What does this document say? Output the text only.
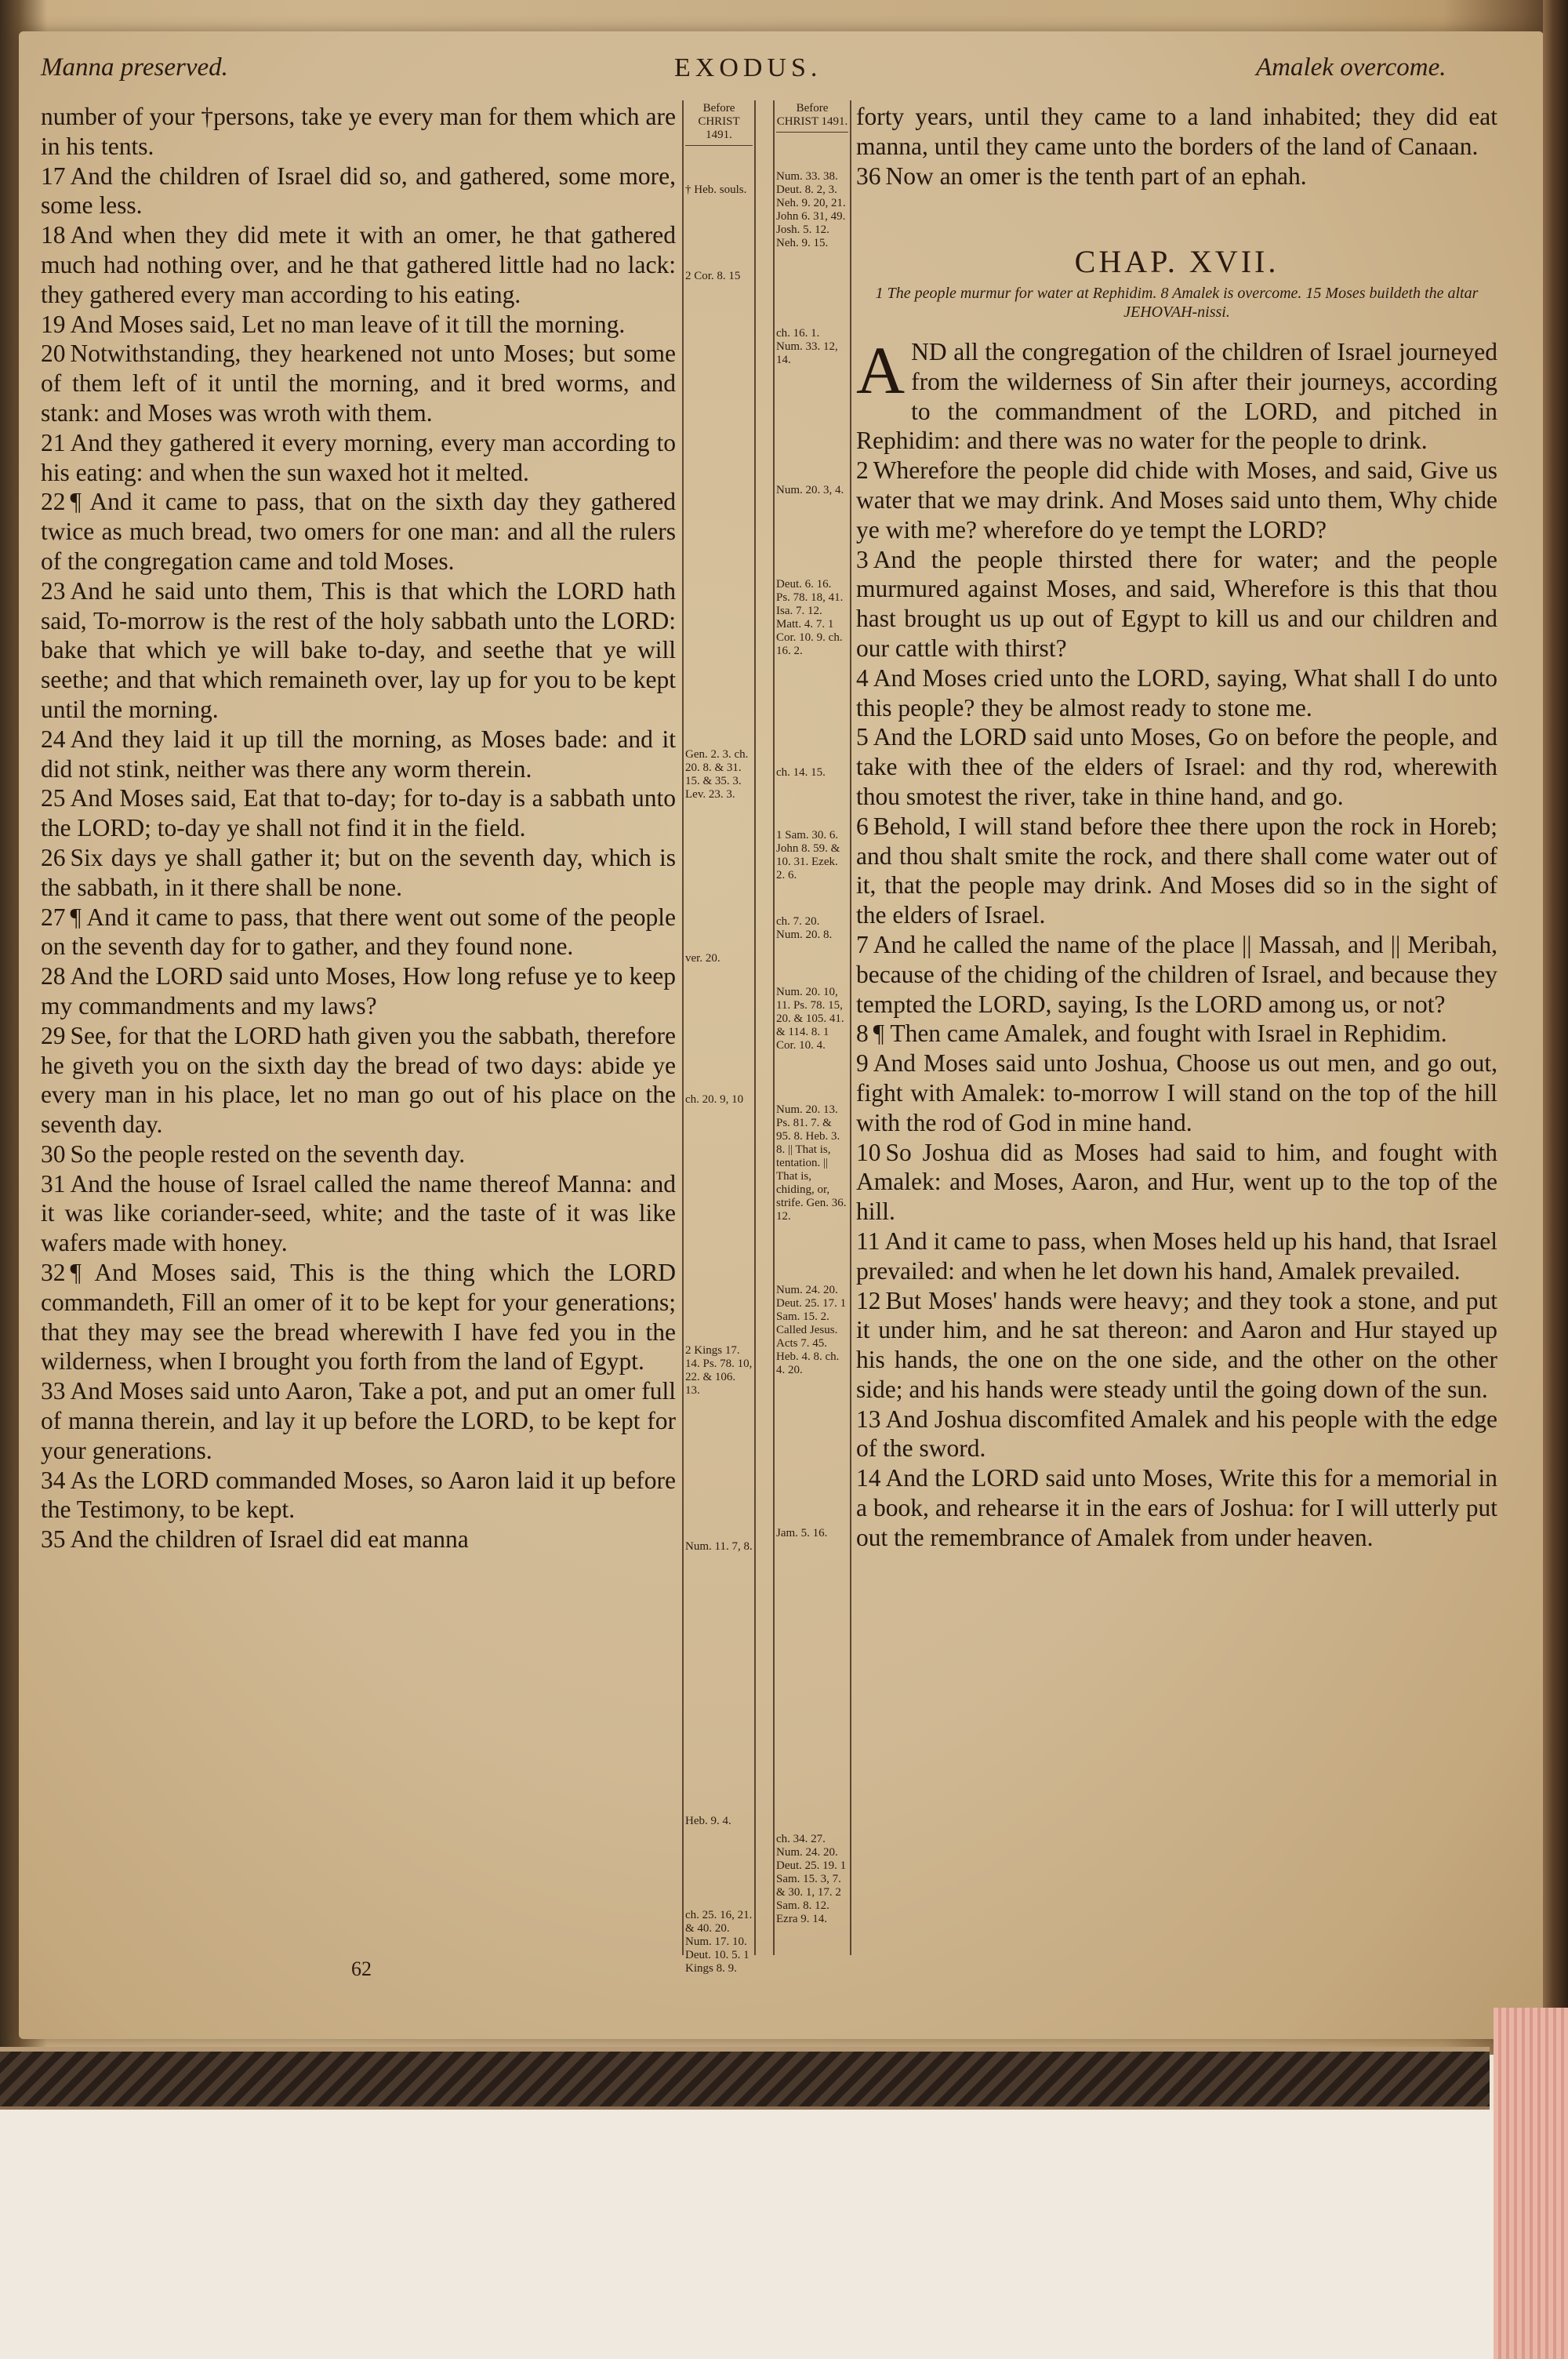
Manna preserved.	EXODUS.	Amalek overcome.

number of your †persons, take ye every man for them which are in his tents.

17 And the children of Israel did so, and gathered, some more, some less.

18 And when they did mete it with an omer, he that gathered much had nothing over, and he that gathered little had no lack: they gathered every man according to his eating.

19 And Moses said, Let no man leave of it till the morning.

20 Notwithstanding, they hearkened not unto Moses; but some of them left of it until the morning, and it bred worms, and stank: and Moses was wroth with them.

21 And they gathered it every morning, every man according to his eating: and when the sun waxed hot it melted.

22 ¶ And it came to pass, that on the sixth day they gathered twice as much bread, two omers for one man: and all the rulers of the congregation came and told Moses.

23 And he said unto them, This is that which the LORD hath said, To-morrow is the rest of the holy sabbath unto the LORD: bake that which ye will bake to-day, and seethe that ye will seethe; and that which remaineth over, lay up for you to be kept until the morning.

24 And they laid it up till the morning, as Moses bade: and it did not stink, neither was there any worm therein.

25 And Moses said, Eat that to-day; for to-day is a sabbath unto the LORD; to-day ye shall not find it in the field.

26 Six days ye shall gather it; but on the seventh day, which is the sabbath, in it there shall be none.

27 ¶ And it came to pass, that there went out some of the people on the seventh day for to gather, and they found none.

28 And the LORD said unto Moses, How long refuse ye to keep my commandments and my laws?

29 See, for that the LORD hath given you the sabbath, therefore he giveth you on the sixth day the bread of two days: abide ye every man in his place, let no man go out of his place on the seventh day.

30 So the people rested on the seventh day.

31 And the house of Israel called the name thereof Manna: and it was like coriander-seed, white; and the taste of it was like wafers made with honey.

32 ¶ And Moses said, This is the thing which the LORD commandeth, Fill an omer of it to be kept for your generations; that they may see the bread wherewith I have fed you in the wilderness, when I brought you forth from the land of Egypt.

33 And Moses said unto Aaron, Take a pot, and put an omer full of manna therein, and lay it up before the LORD, to be kept for your generations.

34 As the LORD commanded Moses, so Aaron laid it up before the Testimony, to be kept.

35 And the children of Israel did eat manna

Before CHRIST 1491.
† Heb. souls.
2 Cor. 8. 15
Gen. 2. 3. ch. 20. 8. & 31. 15. & 35. 3. Lev. 23. 3.
ver. 20.
ch. 20. 9, 10
2 Kings 17. 14. Ps. 78. 10, 22. & 106. 13.
Num. 11. 7, 8.
Heb. 9. 4.
ch. 25. 16, 21. & 40. 20. Num. 17. 10. Deut. 10. 5. 1 Kings 8. 9.
Before CHRIST 1491.
Num. 33. 38. Deut. 8. 2, 3. Neh. 9. 20, 21. John 6. 31, 49. Josh. 5. 12. Neh. 9. 15.
ch. 16. 1. Num. 33. 12, 14.
Num. 20. 3, 4.
Deut. 6. 16. Ps. 78. 18, 41. Isa. 7. 12. Matt. 4. 7. 1 Cor. 10. 9. ch. 16. 2.
ch. 14. 15.
1 Sam. 30. 6. John 8. 59. & 10. 31. Ezek. 2. 6.
ch. 7. 20. Num. 20. 8.
Num. 20. 10, 11. Ps. 78. 15, 20. & 105. 41. & 114. 8. 1 Cor. 10. 4.
Num. 20. 13. Ps. 81. 7. & 95. 8. Heb. 3. 8. || That is, tentation. || That is, chiding, or, strife. Gen. 36. 12.
Num. 24. 20. Deut. 25. 17. 1 Sam. 15. 2. Called Jesus. Acts 7. 45. Heb. 4. 8. ch. 4. 20.
Jam. 5. 16.
ch. 34. 27. Num. 24. 20. Deut. 25. 19. 1 Sam. 15. 3, 7. & 30. 1, 17. 2 Sam. 8. 12. Ezra 9. 14.

forty years, until they came to a land inhabited; they did eat manna, until they came unto the borders of the land of Canaan.

36 Now an omer is the tenth part of an ephah.

CHAP. XVII.
1 The people murmur for water at Rephidim. 8 Amalek is overcome. 15 Moses buildeth the altar JEHOVAH-nissi.

AND all the congregation of the children of Israel journeyed from the wilderness of Sin after their journeys, according to the commandment of the LORD, and pitched in Rephidim: and there was no water for the people to drink.

2 Wherefore the people did chide with Moses, and said, Give us water that we may drink. And Moses said unto them, Why chide ye with me? wherefore do ye tempt the LORD?

3 And the people thirsted there for water; and the people murmured against Moses, and said, Wherefore is this that thou hast brought us up out of Egypt to kill us and our children and our cattle with thirst?

4 And Moses cried unto the LORD, saying, What shall I do unto this people? they be almost ready to stone me.

5 And the LORD said unto Moses, Go on before the people, and take with thee of the elders of Israel: and thy rod, wherewith thou smotest the river, take in thine hand, and go.

6 Behold, I will stand before thee there upon the rock in Horeb; and thou shalt smite the rock, and there shall come water out of it, that the people may drink. And Moses did so in the sight of the elders of Israel.

7 And he called the name of the place || Massah, and || Meribah, because of the chiding of the children of Israel, and because they tempted the LORD, saying, Is the LORD among us, or not?

8 ¶ Then came Amalek, and fought with Israel in Rephidim.

9 And Moses said unto Joshua, Choose us out men, and go out, fight with Amalek: to-morrow I will stand on the top of the hill with the rod of God in mine hand.

10 So Joshua did as Moses had said to him, and fought with Amalek: and Moses, Aaron, and Hur, went up to the top of the hill.

11 And it came to pass, when Moses held up his hand, that Israel prevailed: and when he let down his hand, Amalek prevailed.

12 But Moses' hands were heavy; and they took a stone, and put it under him, and he sat thereon: and Aaron and Hur stayed up his hands, the one on the one side, and the other on the other side; and his hands were steady until the going down of the sun.

13 And Joshua discomfited Amalek and his people with the edge of the sword.

14 And the LORD said unto Moses, Write this for a memorial in a book, and rehearse it in the ears of Joshua: for I will utterly put out the remembrance of Amalek from under heaven.

62
